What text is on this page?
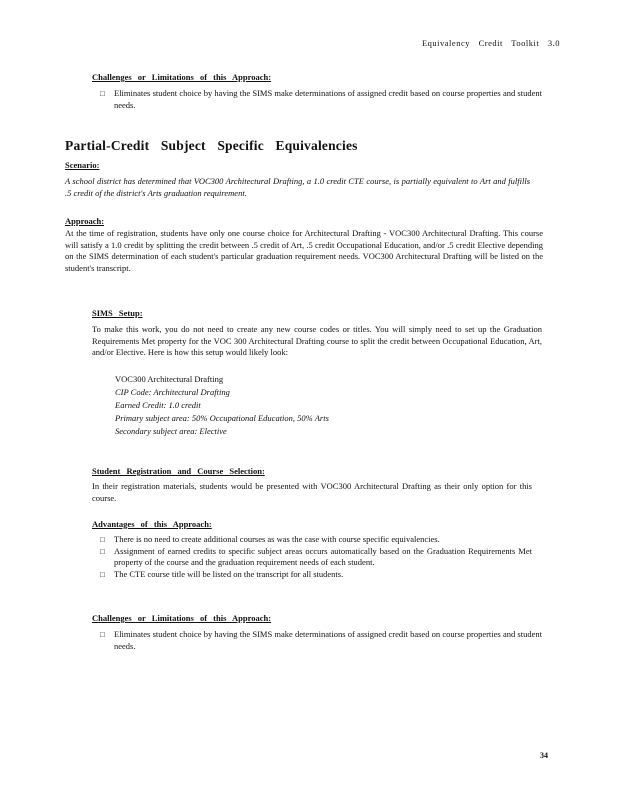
Equivalency Credit Toolkit 3.0
Challenges or Limitations of this Approach:
□ Eliminates student choice by having the SIMS make determinations of assigned credit based on course properties and student needs.
Partial-Credit Subject Specific Equivalencies
Scenario:
A school district has determined that VOC300 Architectural Drafting, a 1.0 credit CTE course, is partially equivalent to Art and fulfills .5 credit of the district's Arts graduation requirement.
Approach:
At the time of registration, students have only one course choice for Architectural Drafting - VOC300 Architectural Drafting. This course will satisfy a 1.0 credit by splitting the credit between .5 credit of Art, .5 credit Occupational Education, and/or .5 credit Elective depending on the SIMS determination of each student's particular graduation requirement needs. VOC300 Architectural Drafting will be listed on the student's transcript.
SIMS Setup:
To make this work, you do not need to create any new course codes or titles. You will simply need to set up the Graduation Requirements Met property for the VOC 300 Architectural Drafting course to split the credit between Occupational Education, Art, and/or Elective. Here is how this setup would likely look:
VOC300 Architectural Drafting
CIP Code: Architectural Drafting
Earned Credit: 1.0 credit
Primary subject area: 50% Occupational Education, 50% Arts
Secondary subject area: Elective
Student Registration and Course Selection:
In their registration materials, students would be presented with VOC300 Architectural Drafting as their only option for this course.
Advantages of this Approach:
□ There is no need to create additional courses as was the case with course specific equivalencies.
□ Assignment of earned credits to specific subject areas occurs automatically based on the Graduation Requirements Met property of the course and the graduation requirement needs of each student.
□ The CTE course title will be listed on the transcript for all students.
Challenges or Limitations of this Approach:
□ Eliminates student choice by having the SIMS make determinations of assigned credit based on course properties and student needs.
34
